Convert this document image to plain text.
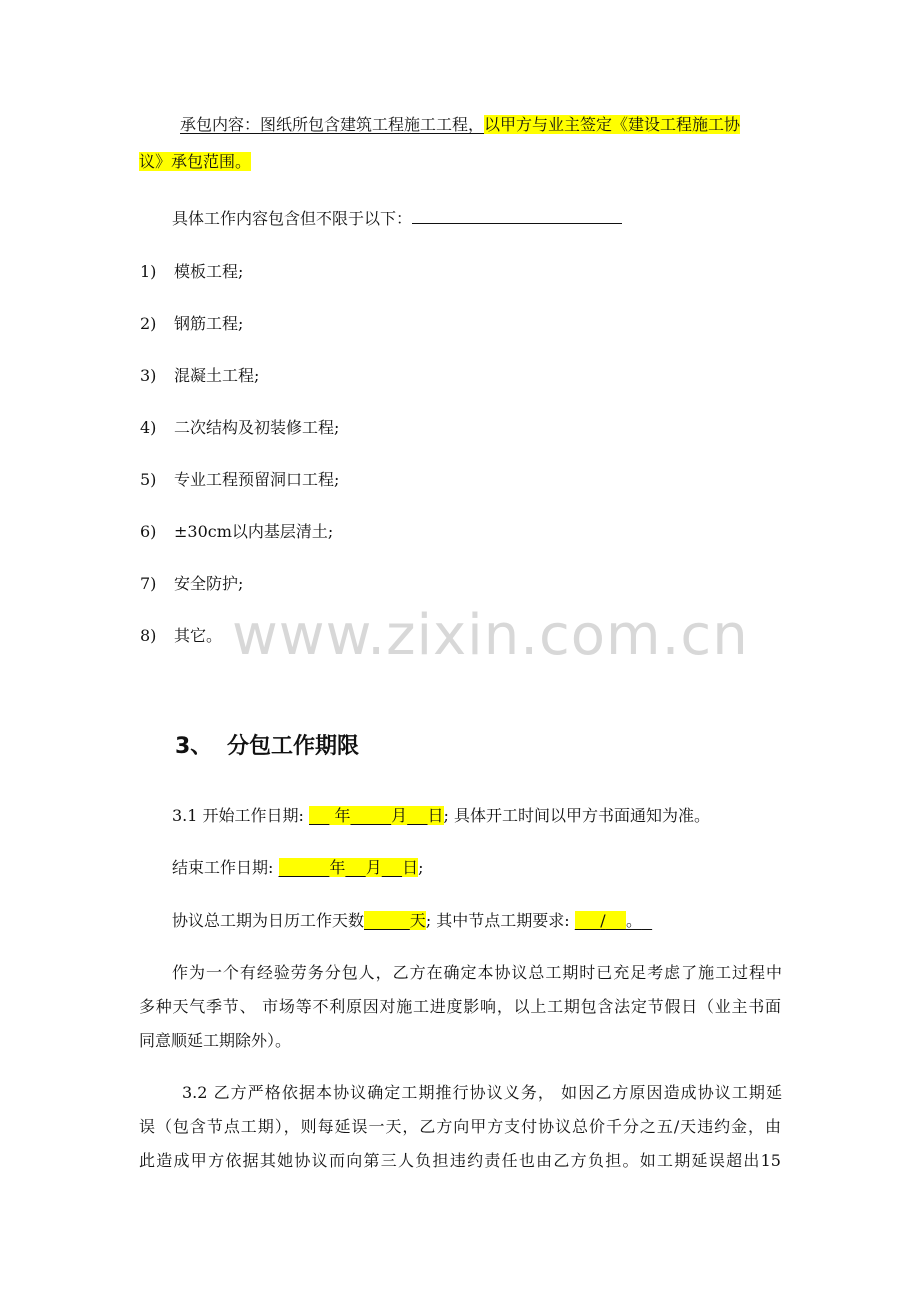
承包内容：图纸所包含建筑工程施工工程，以甲方与业主签定《建设工程施工协
议》承包范围。
具体工作内容包含但不限于以下：
1) 模板工程;
2) 钢筋工程;
3) 混凝土工程;
4) 二次结构及初装修工程;
5) 专业工程预留洞口工程;
6) ±30cm以内基层清土;
7) 安全防护;
8) 其它。 www.zixin.com.cn
3、 分包工作期限
3.1 开始工作日期: 年	月 日; 具体开工时间以甲方书面通知为准。
结束工作日期:	年 月 日;
协议总工期为日历工作天数	天; 其中节点工期要求: / 。
作为一个有经验劳务分包人，乙方在确定本协议总工期时已充足考虑了施工过程中
多种天气季节、 市场等不利原因对施工进度影响，以上工期包含法定节假日（业主书面
同意顺延工期除外）。
3.2 乙方严格依据本协议确定工期推行协议义务， 如因乙方原因造成协议工期延
误（包含节点工期），则每延误一天，乙方向甲方支付协议总价千分之五/天违约金，由
此造成甲方依据其她协议而向第三人负担违约责任也由乙方负担。如工期延误超出15
